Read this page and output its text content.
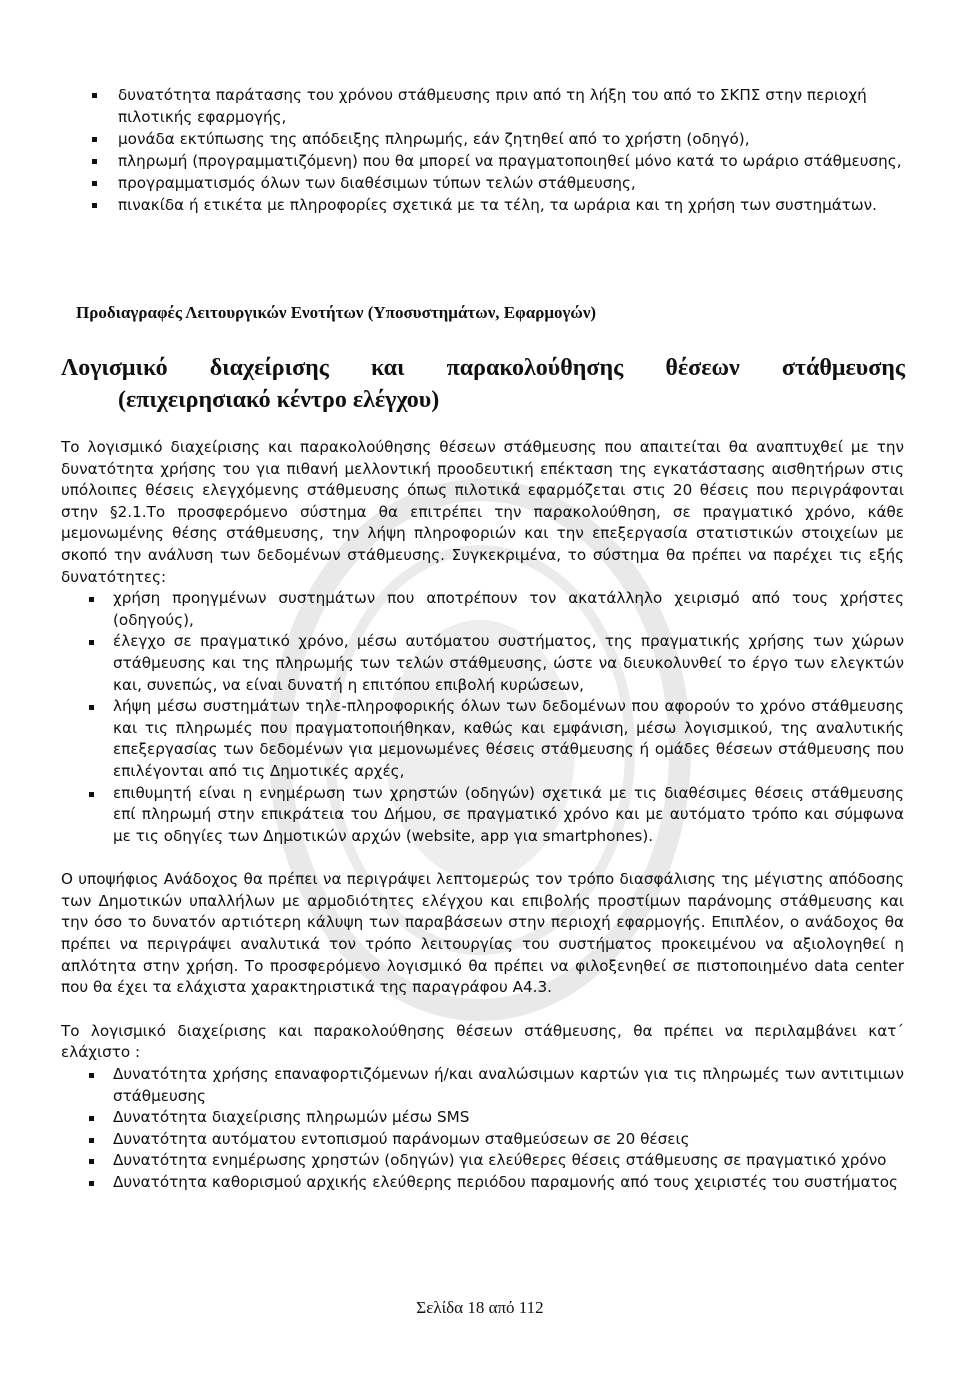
δυνατότητα παράτασης του χρόνου στάθμευσης πριν από τη λήξη του από το ΣΚΠΣ στην περιοχή πιλοτικής εφαρμογής,
μονάδα εκτύπωσης της απόδειξης πληρωμής, εάν ζητηθεί από το χρήστη (οδηγό),
πληρωμή (προγραμματιζόμενη) που θα μπορεί να πραγματοποιηθεί μόνο κατά το ωράριο στάθμευσης,
προγραμματισμός όλων των διαθέσιμων τύπων τελών στάθμευσης,
πινακίδα ή ετικέτα με πληροφορίες σχετικά με τα τέλη, τα ωράρια και τη χρήση των συστημάτων.
Προδιαγραφές Λειτουργικών Ενοτήτων (Υποσυστημάτων, Εφαρμογών)
Λογισμικό διαχείρισης και παρακολούθησης θέσεων στάθμευσης
(επιχειρησιακό κέντρο ελέγχου)

Το λογισμικό διαχείρισης και παρακολούθησης θέσεων στάθμευσης που απαιτείται θα αναπτυχθεί με την δυνατότητα χρήσης του για πιθανή μελλοντική προοδευτική επέκταση της εγκατάστασης αισθητήρων στις υπόλοιπες θέσεις ελεγχόμενης στάθμευσης όπως πιλοτικά εφαρμόζεται στις 20 θέσεις που περιγράφονται στην §2.1.Το προσφερόμενο σύστημα θα επιτρέπει την παρακολούθηση, σε πραγματικό χρόνο, κάθε μεμονωμένης θέσης στάθμευσης, την λήψη πληροφοριών και την επεξεργασία στατιστικών στοιχείων με σκοπό την ανάλυση των δεδομένων στάθμευσης. Συγκεκριμένα, το σύστημα θα πρέπει να παρέχει τις εξής δυνατότητες:

χρήση προηγμένων συστημάτων που αποτρέπουν τον ακατάλληλο χειρισμό από τους χρήστες (οδηγούς),
έλεγχο σε πραγματικό χρόνο, μέσω αυτόματου συστήματος, της πραγματικής χρήσης των χώρων στάθμευσης και της πληρωμής των τελών στάθμευσης, ώστε να διευκολυνθεί το έργο των ελεγκτών και, συνεπώς, να είναι δυνατή η επιτόπου επιβολή κυρώσεων,
λήψη μέσω συστημάτων τηλε-πληροφορικής όλων των δεδομένων που αφορούν το χρόνο στάθμευσης και τις πληρωμές που πραγματοποιήθηκαν, καθώς και εμφάνιση, μέσω λογισμικού, της αναλυτικής επεξεργασίας των δεδομένων για μεμονωμένες θέσεις στάθμευσης ή ομάδες θέσεων στάθμευσης που επιλέγονται από τις Δημοτικές αρχές,
επιθυμητή είναι η ενημέρωση των χρηστών (οδηγών) σχετικά με τις διαθέσιμες θέσεις στάθμευσης επί πληρωμή στην επικράτεια του Δήμου, σε πραγματικό χρόνο και με αυτόματο τρόπο και σύμφωνα με τις οδηγίες των Δημοτικών αρχών (website, app για smartphones).

Ο υποψήφιος Ανάδοχος θα πρέπει να περιγράψει λεπτομερώς τον τρόπο διασφάλισης της μέγιστης απόδοσης των Δημοτικών υπαλλήλων με αρμοδιότητες ελέγχου και επιβολής προστίμων παράνομης στάθμευσης και την όσο το δυνατόν αρτιότερη κάλυψη των παραβάσεων στην περιοχή εφαρμογής. Επιπλέον, ο ανάδοχος θα πρέπει να περιγράψει αναλυτικά τον τρόπο λειτουργίας του συστήματος προκειμένου να αξιολογηθεί η απλότητα στην χρήση. Το προσφερόμενο λογισμικό θα πρέπει να φιλοξενηθεί σε πιστοποιημένο data center που θα έχει τα ελάχιστα χαρακτηριστικά της παραγράφου Α4.3.

Το λογισμικό διαχείρισης και παρακολούθησης θέσεων στάθμευσης, θα πρέπει να περιλαμβάνει κατ΄ ελάχιστο :

Δυνατότητα χρήσης επαναφορτιζόμενων ή/και αναλώσιμων καρτών για τις πληρωμές των αντιτιμιων στάθμευσης
Δυνατότητα διαχείρισης πληρωμών μέσω SMS
Δυνατότητα αυτόματου εντοπισμού παράνομων σταθμεύσεων σε 20 θέσεις
Δυνατότητα ενημέρωσης χρηστών (οδηγών) για ελεύθερες θέσεις στάθμευσης σε πραγματικό χρόνο
Δυνατότητα καθορισμού αρχικής ελεύθερης περιόδου παραμονής από τους χειριστές του συστήματος
Σελίδα 18 από 112
